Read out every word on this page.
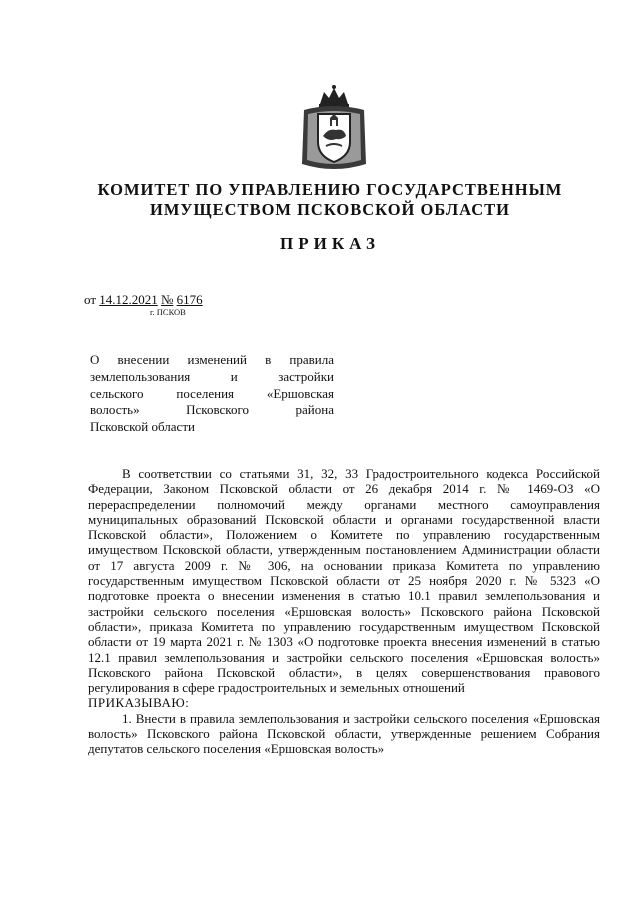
КОМИТЕТ ПО УПРАВЛЕНИЮ ГОСУДАРСТВЕННЫМ
ИМУЩЕСТВОМ ПСКОВСКОЙ ОБЛАСТИ
ПРИКАЗ
от 14.12.2021 № 6176
г. ПСКОВ
О внесении изменений в правила
землепользования и застройки
сельского поселения «Ершовская
волость» Псковского района
Псковской области

В соответствии со статьями 31, 32, 33 Градостроительного кодекса Российской Федерации, Законом Псковской области от 26 декабря 2014 г. № 1469-ОЗ «О перераспределении полномочий между органами местного самоуправления муниципальных образований Псковской области и органами государственной власти Псковской области», Положением о Комитете по управлению государственным имуществом Псковской области, утвержденным постановлением Администрации области от 17 августа 2009 г. № 306, на основании приказа Комитета по управлению государственным имуществом Псковской области от 25 ноября 2020 г. № 5323 «О подготовке проекта о внесении изменения в статью 10.1 правил землепользования и застройки сельского поселения «Ершовская волость» Псковского района Псковской области», приказа Комитета по управлению государственным имуществом Псковской области от 19 марта 2021 г. № 1303 «О подготовке проекта внесения изменений в статью 12.1 правил землепользования и застройки сельского поселения «Ершовская волость» Псковского района Псковской области», в целях совершенствования правового регулирования в сфере градостроительных и земельных отношений

ПРИКАЗЫВАЮ:

1. Внести в правила землепользования и застройки сельского поселения «Ершовская волость» Псковского района Псковской области, утвержденные решением Собрания депутатов сельского поселения «Ершовская волость»
